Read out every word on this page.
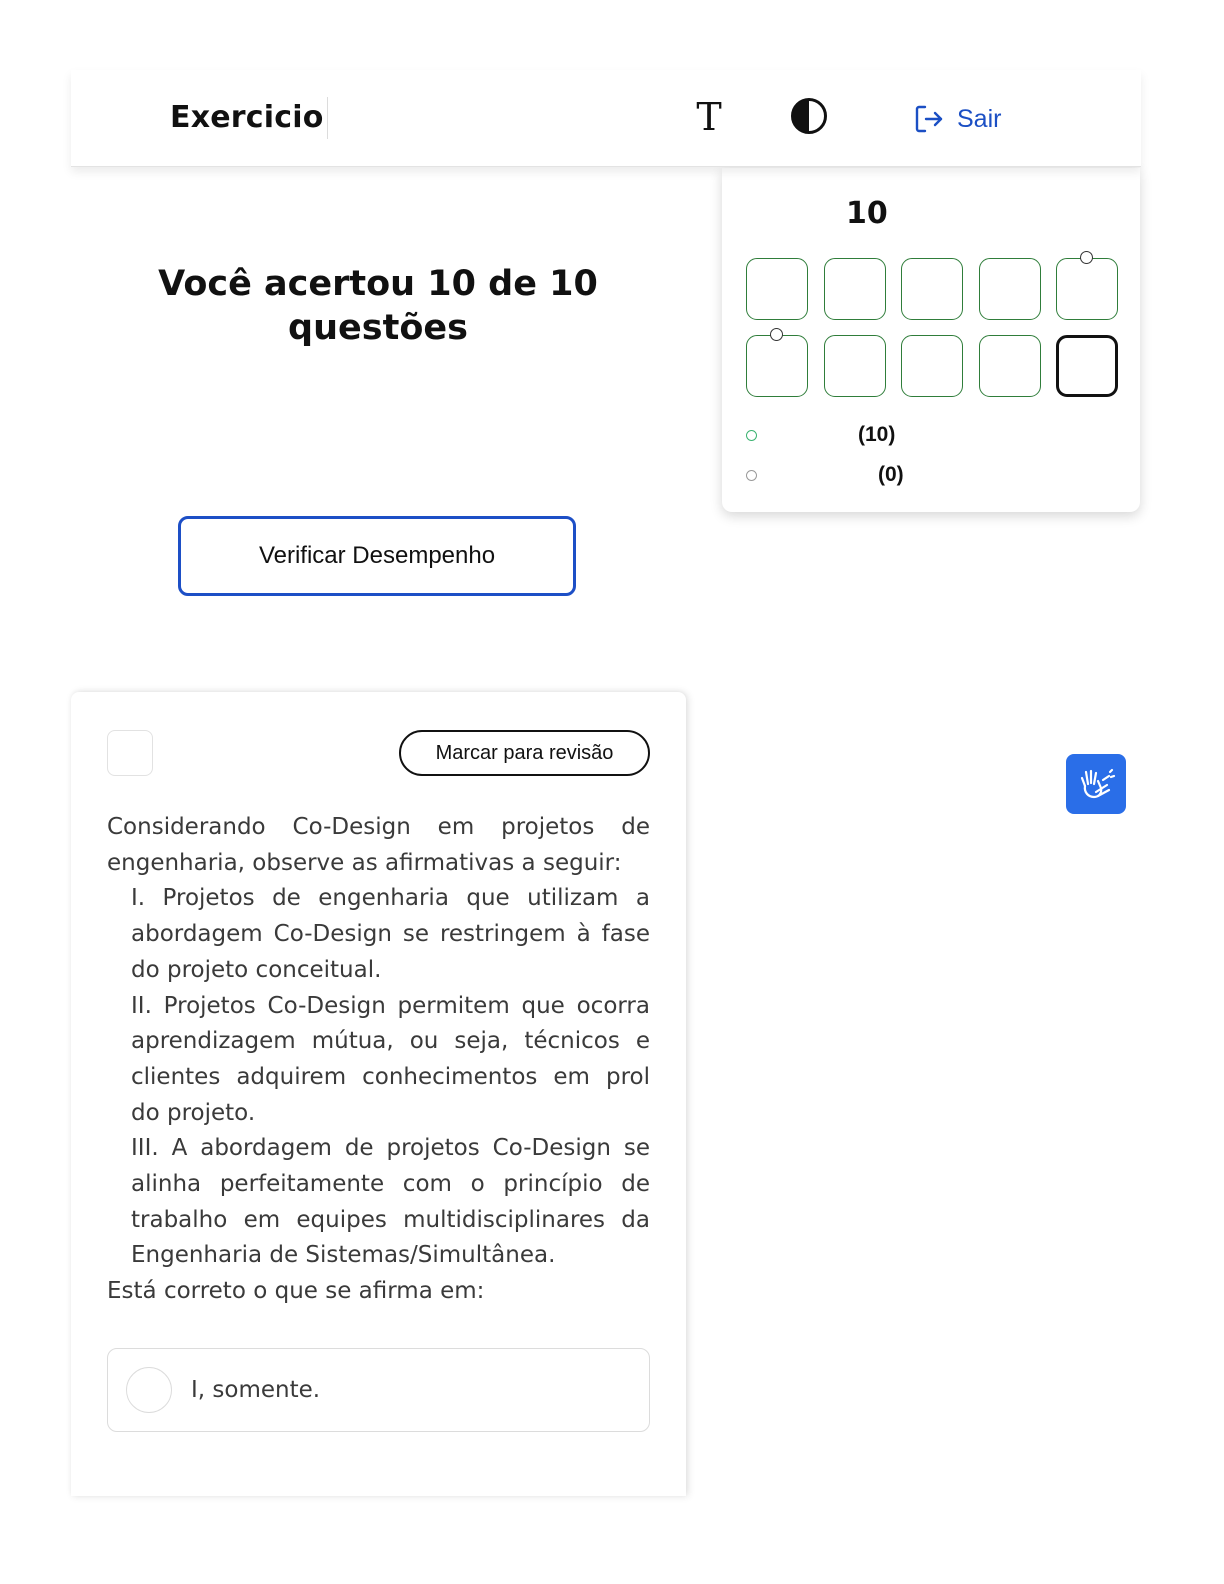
Exercicio	T	Sair
Você acertou 10 de 10 questões
Verificar Desempenho
10
(10)
(0)
Marcar para revisão

Considerando Co-Design em projetos de engenharia, observe as afirmativas a seguir:

I. Projetos de engenharia que utilizam a abordagem Co-Design se restringem à fase do projeto conceitual.

II. Projetos Co-Design permitem que ocorra aprendizagem mútua, ou seja, técnicos e clientes adquirem conhecimentos em prol do projeto.

III. A abordagem de projetos Co-Design se alinha perfeitamente com o princípio de trabalho em equipes multidisciplinares da Engenharia de Sistemas/Simultânea.

Está correto o que se afirma em:

I, somente.
